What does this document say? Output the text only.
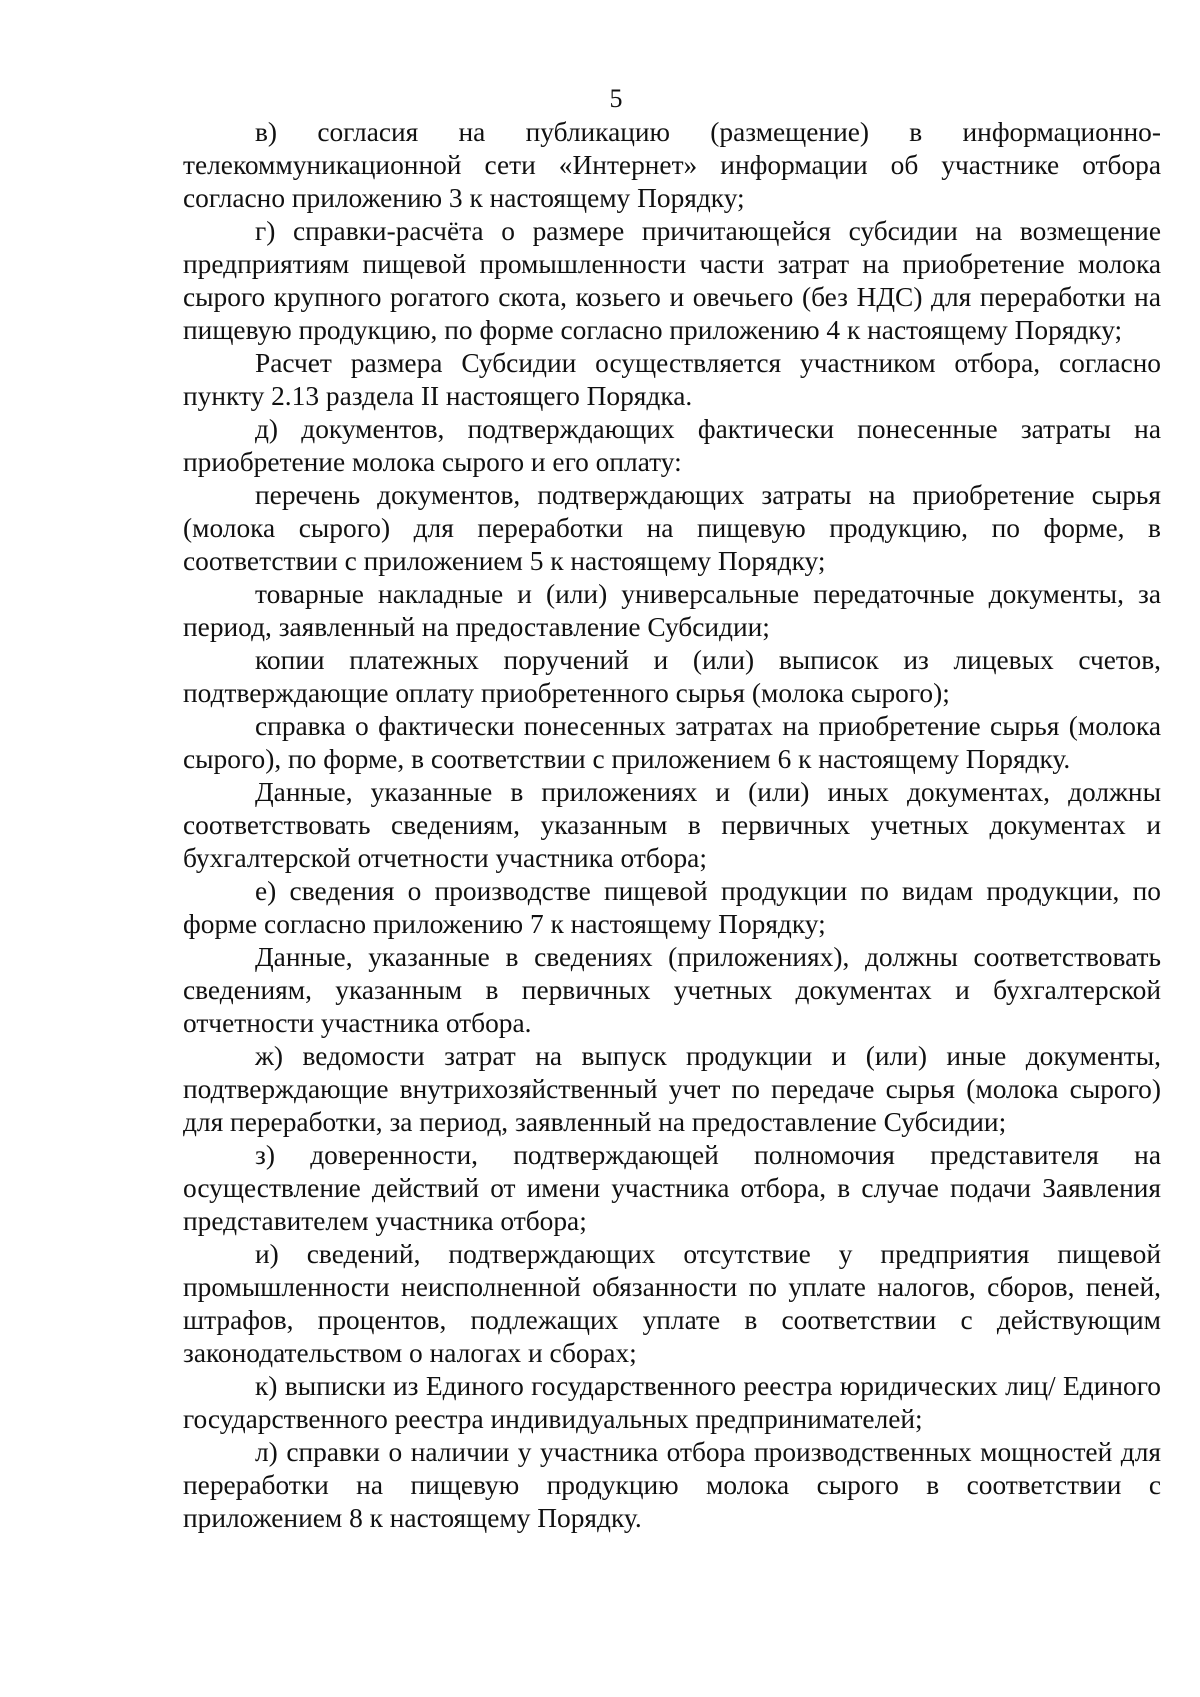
5

в) согласия на публикацию (размещение) в информационно-телекоммуникационной сети «Интернет» информации об участнике отбора согласно приложению 3 к настоящему Порядку;

г) справки-расчёта о размере причитающейся субсидии на возмещение предприятиям пищевой промышленности части затрат на приобретение молока сырого крупного рогатого скота, козьего и овечьего (без НДС) для переработки на пищевую продукцию, по форме согласно приложению 4 к настоящему Порядку;

Расчет размера Субсидии осуществляется участником отбора, согласно пункту 2.13 раздела II настоящего Порядка.

д) документов, подтверждающих фактически понесенные затраты на приобретение молока сырого и его оплату:

перечень документов, подтверждающих затраты на приобретение сырья (молока сырого) для переработки на пищевую продукцию, по форме, в соответствии с приложением 5 к настоящему Порядку;

товарные накладные и (или) универсальные передаточные документы, за период, заявленный на предоставление Субсидии;

копии платежных поручений и (или) выписок из лицевых счетов, подтверждающие оплату приобретенного сырья (молока сырого);

справка о фактически понесенных затратах на приобретение сырья (молока сырого), по форме, в соответствии с приложением 6 к настоящему Порядку.

Данные, указанные в приложениях и (или) иных документах, должны соответствовать сведениям, указанным в первичных учетных документах и бухгалтерской отчетности участника отбора;

е) сведения о производстве пищевой продукции по видам продукции, по форме согласно приложению 7 к настоящему Порядку;

Данные, указанные в сведениях (приложениях), должны соответствовать сведениям, указанным в первичных учетных документах и бухгалтерской отчетности участника отбора.

ж) ведомости затрат на выпуск продукции и (или) иные документы, подтверждающие внутрихозяйственный учет по передаче сырья (молока сырого) для переработки, за период, заявленный на предоставление Субсидии;

з) доверенности, подтверждающей полномочия представителя на осуществление действий от имени участника отбора, в случае подачи Заявления представителем участника отбора;

и) сведений, подтверждающих отсутствие у предприятия пищевой промышленности неисполненной обязанности по уплате налогов, сборов, пеней, штрафов, процентов, подлежащих уплате в соответствии с действующим законодательством о налогах и сборах;

к) выписки из Единого государственного реестра юридических лиц/ Единого государственного реестра индивидуальных предпринимателей;

л) справки о наличии у участника отбора производственных мощностей для переработки на пищевую продукцию молока сырого в соответствии с приложением 8 к настоящему Порядку.
